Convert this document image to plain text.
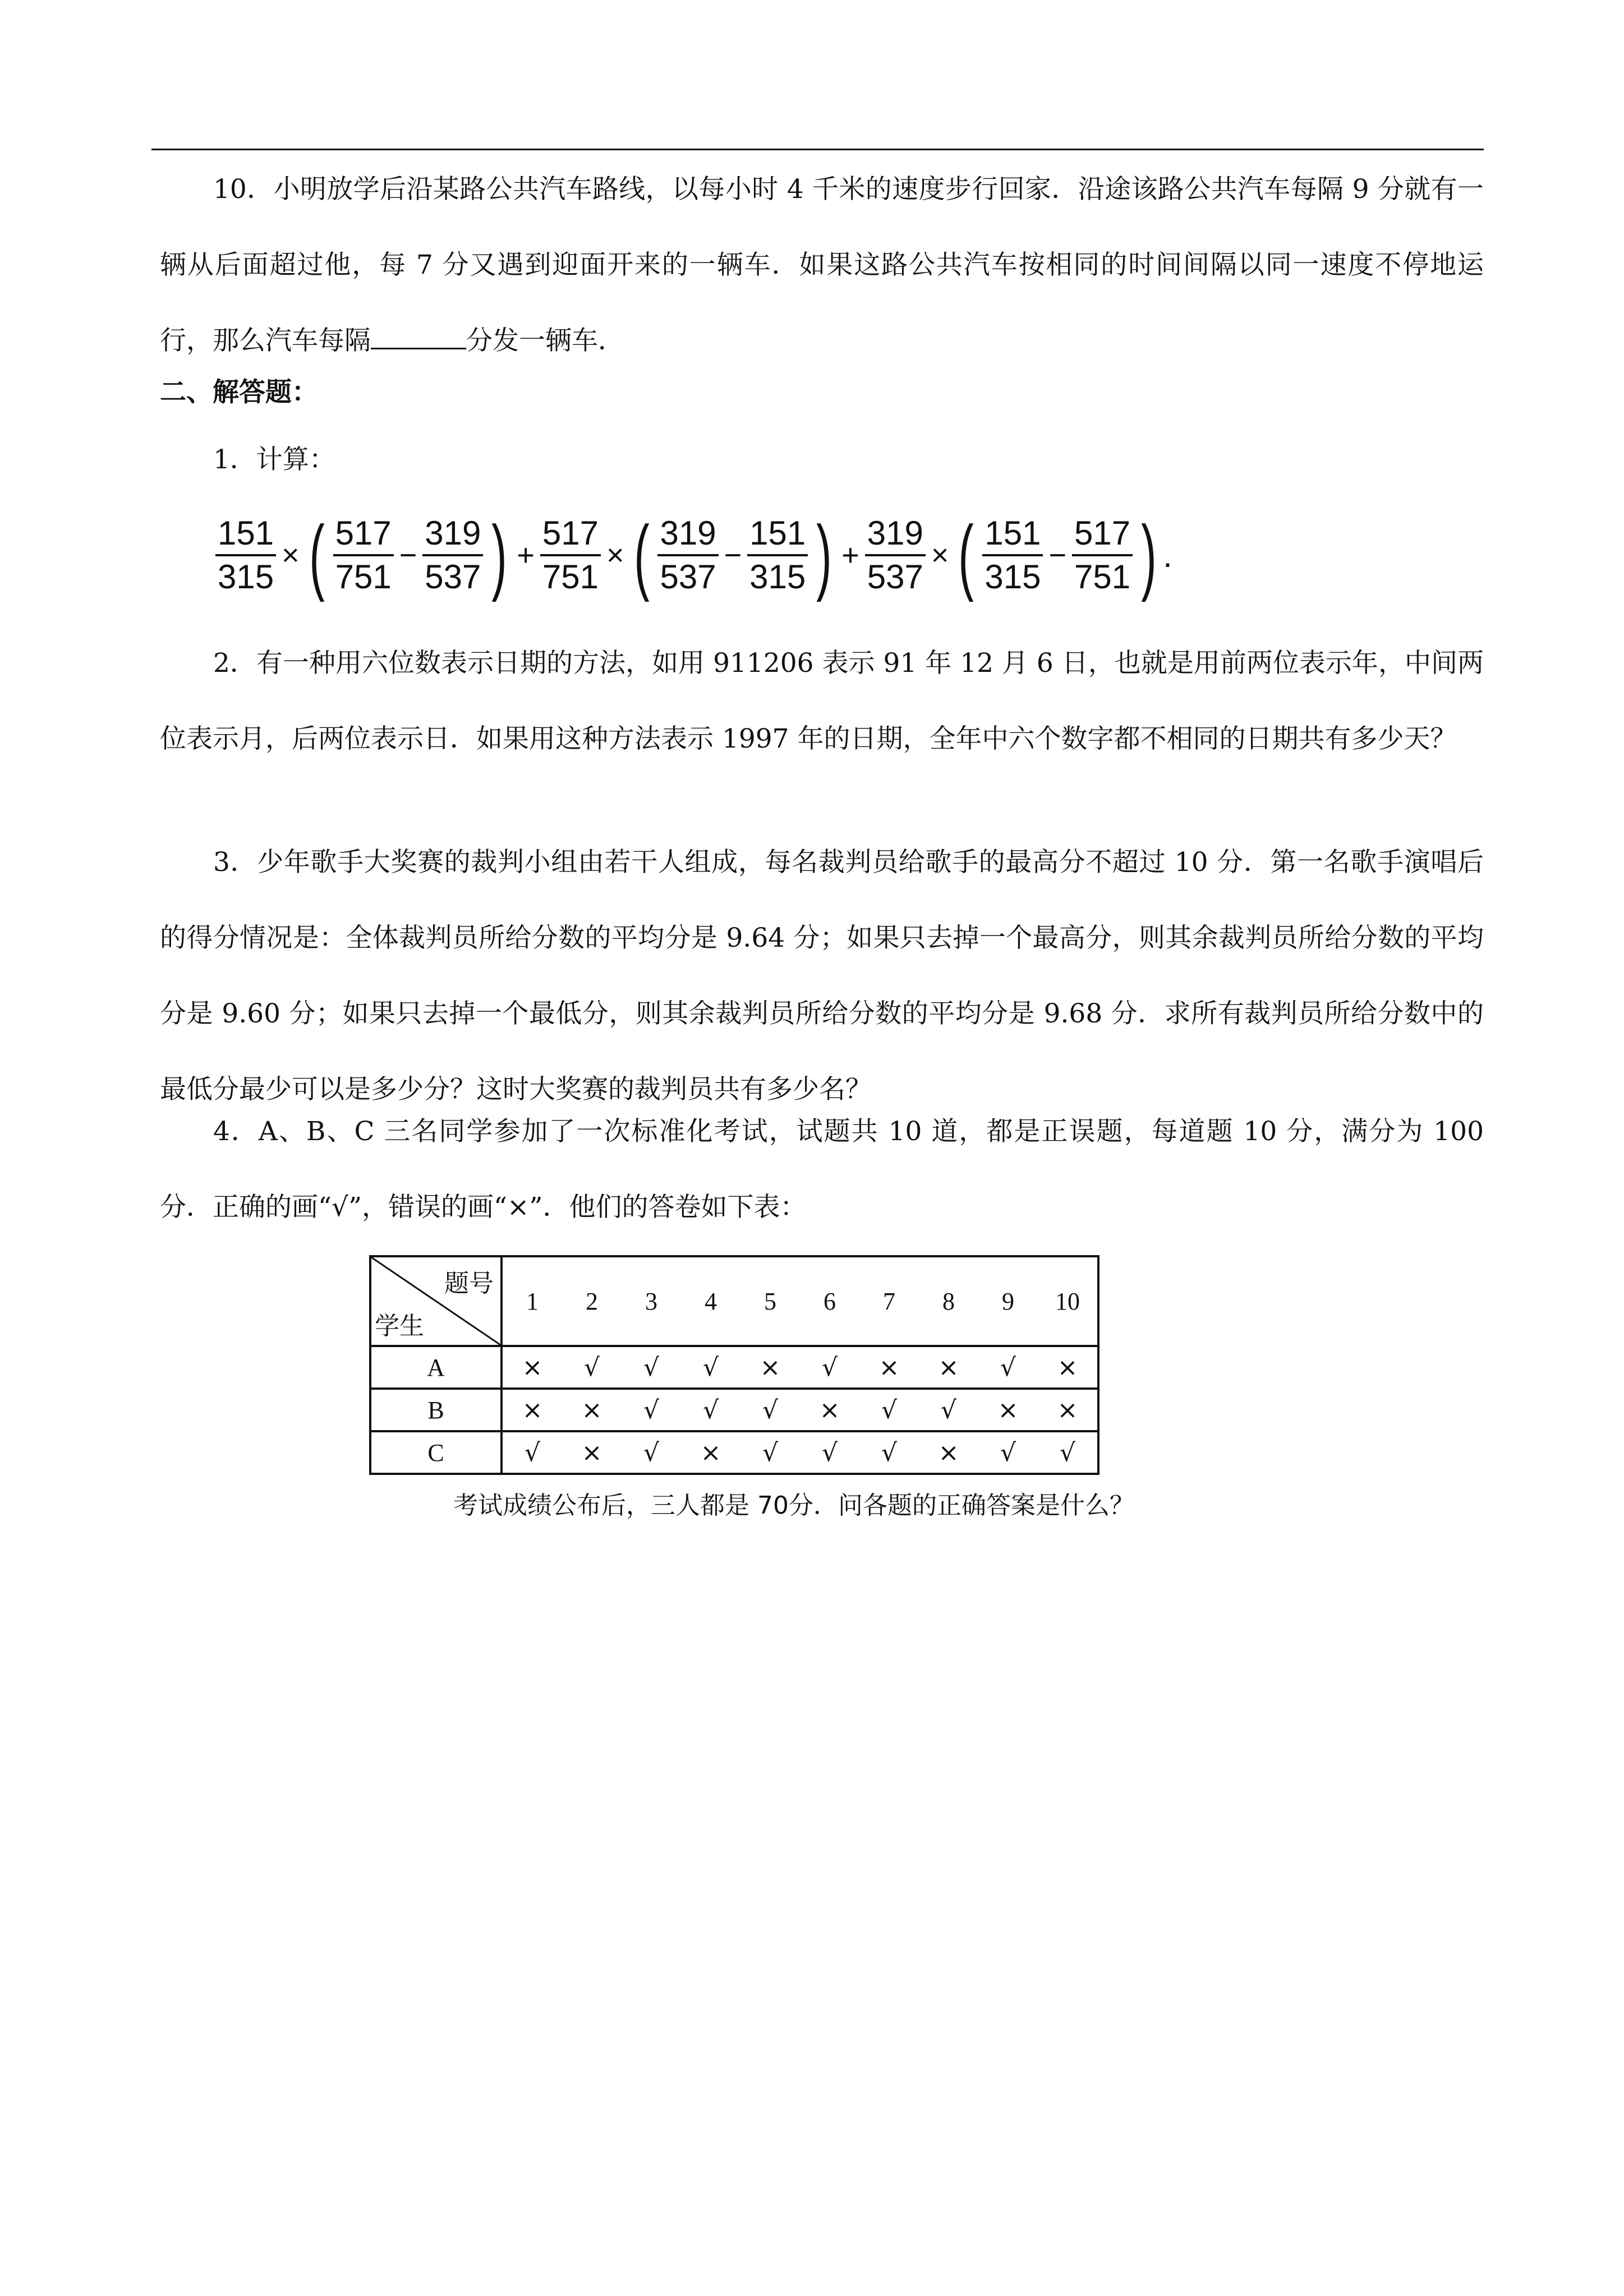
10．小明放学后沿某路公共汽车路线，以每小时 4 千米的速度步行回家．沿途该路公共汽车每隔 9 分就有一辆从后面超过他，每 7 分又遇到迎面开来的一辆车．如果这路公共汽车按相同的时间间隔以同一速度不停地运行，那么汽车每隔	分发一辆车．

二、解答题：

1．计算：

$\frac{151}{315}$ × ( $\frac{517}{751} - \frac{319}{537}$ ) + $\frac{517}{751}$ × ( $\frac{319}{537} - \frac{151}{315}$ ) + $\frac{319}{537}$ × ( $\frac{151}{315} - \frac{517}{751}$ ) .

2．有一种用六位数表示日期的方法，如用 911206 表示 91 年 12 月 6 日，也就是用前两位表示年，中间两位表示月，后两位表示日．如果用这种方法表示 1997 年的日期，全年中六个数字都不相同的日期共有多少天？

3．少年歌手大奖赛的裁判小组由若干人组成，每名裁判员给歌手的最高分不超过 10 分．第一名歌手演唱后的得分情况是：全体裁判员所给分数的平均分是 9.64 分；如果只去掉一个最高分，则其余裁判员所给分数的平均分是 9.60 分；如果只去掉一个最低分，则其余裁判员所给分数的平均分是 9.68 分．求所有裁判员所给分数中的最低分最少可以是多少分？这时大奖赛的裁判员共有多少名？

4．A、B、C 三名同学参加了一次标准化考试，试题共 10 道，都是正误题，每道题 10 分，满分为 100 分．正确的画“√”，错误的画“×”．他们的答卷如下表：

题号
学生	1	2	3	4	5	6	7	8	9	10
A	×	√	√	√	×	√	×	×	√	×
B	×	×	√	√	√	×	√	√	×	×
C	√	×	√	×	√	√	√	×	√	√
考试成绩公布后，三人都是 70分．问各题的正确答案是什么？
